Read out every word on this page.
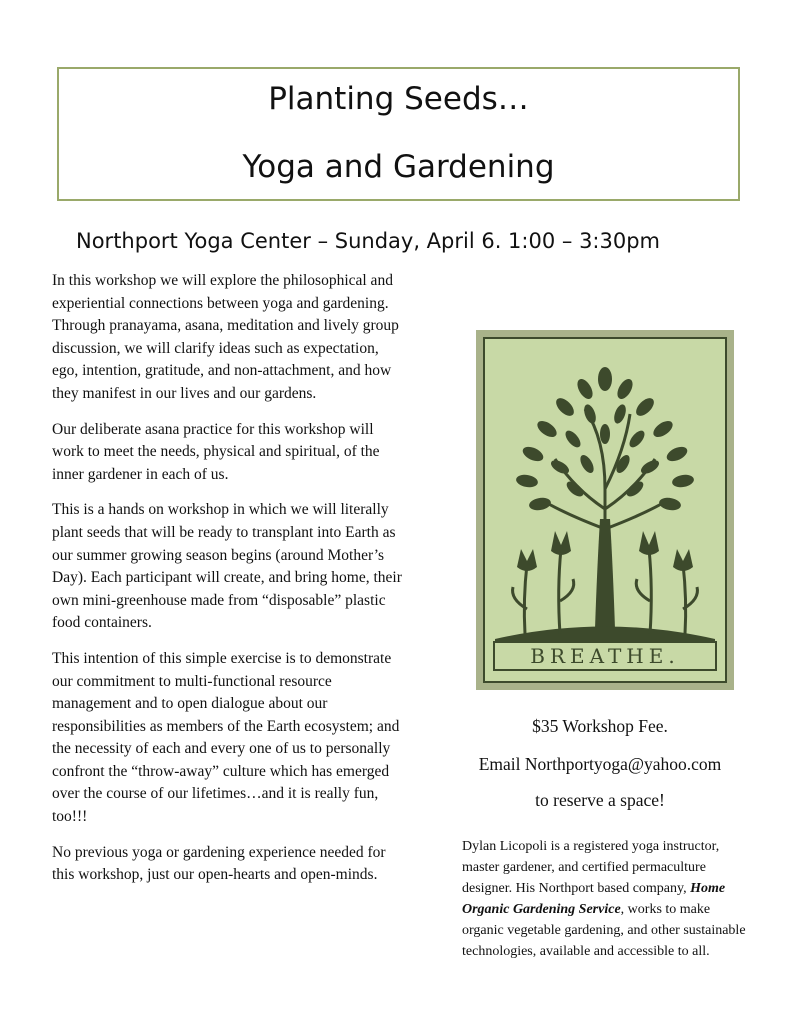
Planting Seeds…
Yoga and Gardening
Northport Yoga Center – Sunday, April 6. 1:00 – 3:30pm

In this workshop we will explore the philosophical and experiential connections between yoga and gardening. Through pranayama, asana, meditation and lively group discussion, we will clarify ideas such as expectation, ego, intention, gratitude, and non-attachment, and how they manifest in our lives and our gardens.

Our deliberate asana practice for this workshop will work to meet the needs, physical and spiritual, of the inner gardener in each of us.

This is a hands on workshop in which we will literally plant seeds that will be ready to transplant into Earth as our summer growing season begins (around Mother’s Day). Each participant will create, and bring home, their own mini-greenhouse made from “disposable” plastic food containers.

This intention of this simple exercise is to demonstrate our commitment to multi-functional resource management and to open dialogue about our responsibilities as members of the Earth ecosystem; and the necessity of each and every one of us to personally confront the “throw-away” culture which has emerged over the course of our lifetimes…and it is really fun, too!!!

No previous yoga or gardening experience needed for this workshop, just our open-hearts and open-minds.

BREATHE.
$35 Workshop Fee.
Email Northportyoga@yahoo.com
to reserve a space!
Dylan Licopoli is a registered yoga instructor, master gardener, and certified permaculture designer. His Northport based company, Home Organic Gardening Service, works to make organic vegetable gardening, and other sustainable technologies, available and accessible to all.
